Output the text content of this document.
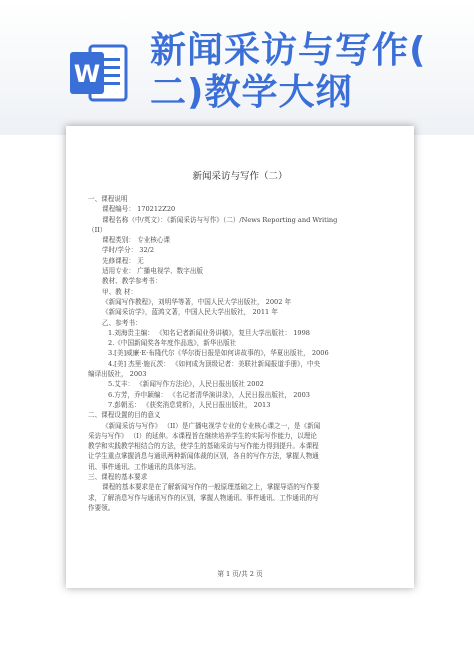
W
新闻采访与写作(
二)教学大纲
新闻采访与写作（二）
一、课程说明
课程编号： 170212Z20
课程名称（中/英文）：《新闻采访与写作》（二）/News Reporting and Writing
（II）
课程类别： 专业核心课
学时/学分： 32/2
先修课程： 无
适用专业： 广播电视学、数字出版
教材、教学参考书：
甲、教 材：
《新闻写作教程》，刘明华等著，中国人民大学出版社， 2002 年
《新闻采访学》，蓝鸿文著，中国人民大学出版社， 2011 年
乙、参考书：
1.刘海贵主编： 《知名记者新闻业务讲稿》，复旦大学出版社： 1998
2.《中国新闻奖各年度作品选》，新华出版社
3.[美]威廉·E·布隆代尔《华尔街日报是如何讲故事的》，华夏出版社， 2006
4.[美] 杰里·施瓦茨： 《如何成为顶级记者：美联社新闻报道手册》，中央
编译出版社， 2003
5.艾丰： 《新闻写作方法论》，人民日报出版社 2002
6.方芳，乔申颖编： 《名记者清华演讲录》，人民日报出版社， 2003
7.彭朝丞： 《获奖消息赏析》，人民日报出版社， 2013
二、课程设置的目的意义
《新闻采访与写作》 （II）是广播电视学专业的专业核心课之一，是《新闻
采访与写作》 （I）的延伸。本课程旨在继续培养学生的实际写作能力，以理论
教学和实践教学相结合的方法，使学生的基础采访与写作能力得到提升。本课程
让学生重点掌握消息与通讯两种新闻体裁的区别，各自的写作方法，掌握人物通
讯、事件通讯、工作通讯的具体写法。
三、课程的基本要求
课程的基本要求是在了解新闻写作的一般原理基础之上，掌握导语的写作要
求，了解消息写作与通讯写作的区别，掌握人物通讯、事件通讯、工作通讯的写
作要领。
第 1 页/共 2 页
